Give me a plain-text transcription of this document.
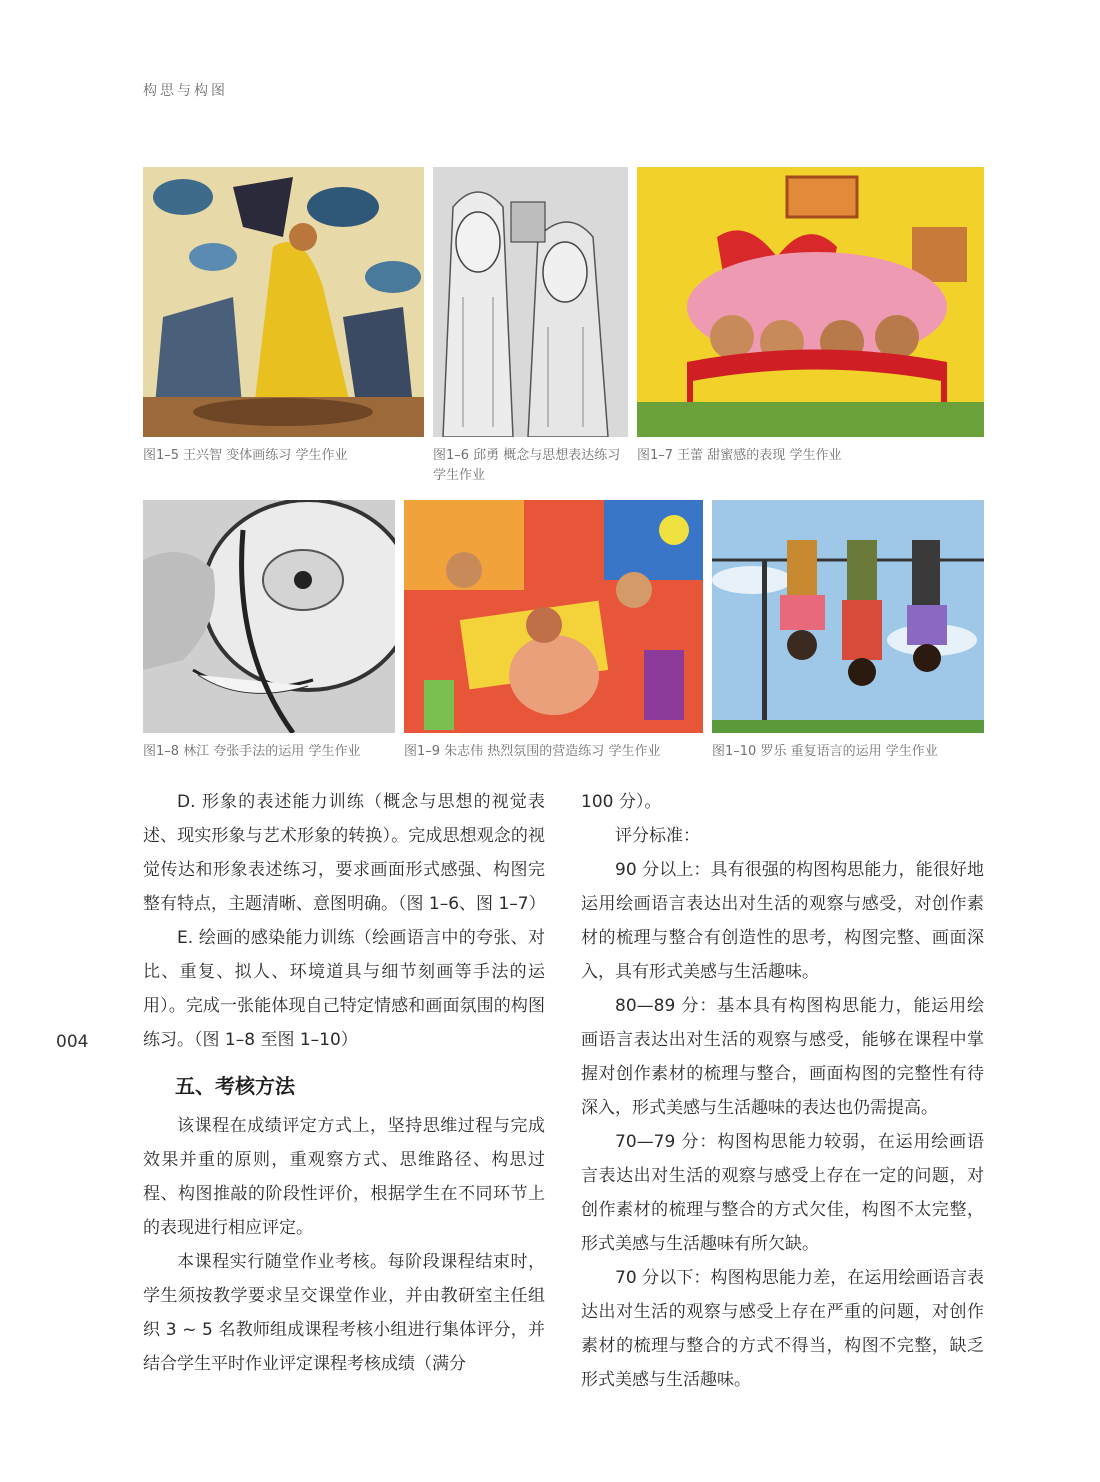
构思与构图
图1–5 王兴智 变体画练习 学生作业	图1–6 邱勇 概念与思想表达练习 学生作业
图1–7 王蕾 甜蜜感的表现 学生作业
图1–8 林江 夸张手法的运用 学生作业	图1–9 朱志伟 热烈氛围的营造练习 学生作业	图1–10 罗乐 重复语言的运用 学生作业

D. 形象的表述能力训练（概念与思想的视觉表述、现实形象与艺术形象的转换）。完成思想观念的视觉传达和形象表述练习，要求画面形式感强、构图完整有特点，主题清晰、意图明确。（图 1–6、图 1–7）

E. 绘画的感染能力训练（绘画语言中的夸张、对比、重复、拟人、环境道具与细节刻画等手法的运用）。完成一张能体现自己特定情感和画面氛围的构图练习。（图 1–8 至图 1–10）

五、考核方法

该课程在成绩评定方式上，坚持思维过程与完成效果并重的原则，重观察方式、思维路径、构思过程、构图推敲的阶段性评价，根据学生在不同环节上的表现进行相应评定。

本课程实行随堂作业考核。每阶段课程结束时，学生须按教学要求呈交课堂作业，并由教研室主任组织 3 ~ 5 名教师组成课程考核小组进行集体评分，并结合学生平时作业评定课程考核成绩（满分

100 分）。

评分标准：

90 分以上：具有很强的构图构思能力，能很好地运用绘画语言表达出对生活的观察与感受，对创作素材的梳理与整合有创造性的思考，构图完整、画面深入，具有形式美感与生活趣味。

80—89 分：基本具有构图构思能力，能运用绘画语言表达出对生活的观察与感受，能够在课程中掌握对创作素材的梳理与整合，画面构图的完整性有待深入，形式美感与生活趣味的表达也仍需提高。

70—79 分：构图构思能力较弱，在运用绘画语言表达出对生活的观察与感受上存在一定的问题，对创作素材的梳理与整合的方式欠佳，构图不太完整，形式美感与生活趣味有所欠缺。

70 分以下：构图构思能力差，在运用绘画语言表达出对生活的观察与感受上存在严重的问题，对创作素材的梳理与整合的方式不得当，构图不完整，缺乏形式美感与生活趣味。

004
